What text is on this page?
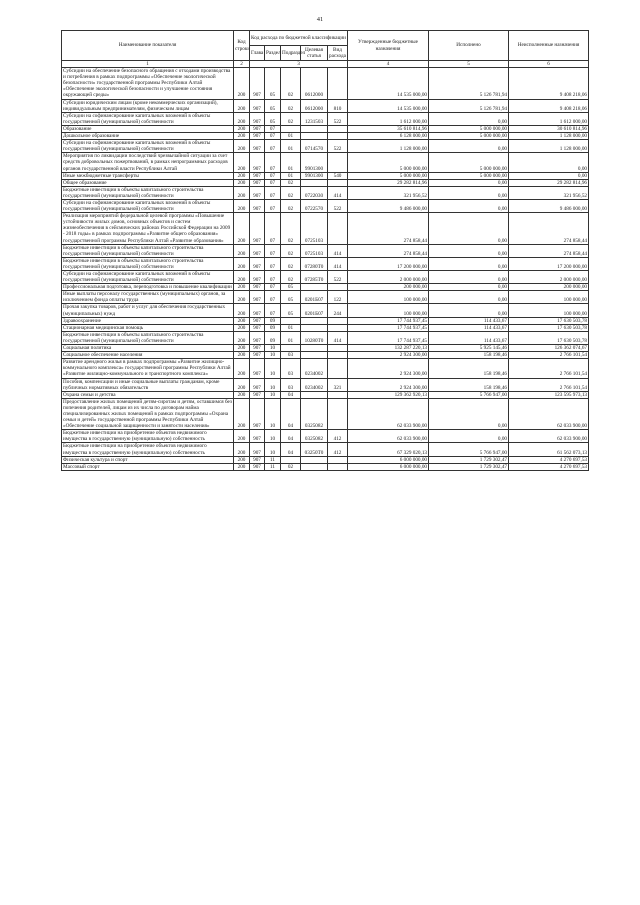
41
Наименование показателя	Код строки	Код расхода по бюджетной классификации					Утвержденные бюджетные назначения	Исполнено	Неисполненные назначения
		Глава	Раздел	Подраздел	Целевая статья	Вид расхода			
1	2	3					4	5	6
Субсидии на обеспечение безопасного обращения с отходами производства и потребления в рамках подпрограммы «Обеспечение экологической безопасности» государственной программы Республики Алтай «Обеспечение экологической безопасности и улучшение состояния окружающей среды»	200	907	05	02	0612000		14 535 000,00	5 126 781,94	9 408 218,06
Субсидии юридическим лицам (кроме некоммерческих организаций), индивидуальным предпринимателям, физическим лицам	200	907	05	02	0612000	810	14 535 000,00	5 126 781,94	9 408 218,06
Субсидии на софинансирование капитальных вложений в объекты государственной (муниципальной) собственности	200	907	05	02	1231503	522	1 612 000,00	0,00	1 612 000,00
Образование	200	907	07				35 610 814,96	5 000 000,00	30 610 814,96
Дошкольное образование	200	907	07	01			6 128 000,00	5 000 000,00	1 128 000,00
Субсидии на софинансирование капитальных вложений в объекты государственной (муниципальной) собственности	200	907	07	01	0714570	522	1 128 000,00	0,00	1 128 000,00
Мероприятия по ликвидации последствий чрезвычайной ситуации за счет средств добровольных пожертвований, в рамках непрограммных расходов органов государственной власти Республики Алтай	200	907	07	01	9901300		5 000 000,00	5 000 000,00	0,00
Иные межбюджетные трансферты	200	907	07	01	9901300	540	5 000 000,00	5 000 000,00	0,00
Общее образование	200	907	07	02			29 282 814,96	0,00	29 282 814,96
Бюджетные инвестиции в объекты капитального строительства государственной (муниципальной) собственности	200	907	07	02	0722030	414	321 956,52	0,00	321 956,52
Субсидии на софинансирование капитальных вложений в объекты государственной (муниципальной) собственности	200	907	07	02	0722570	522	9 486 000,00	0,00	9 486 000,00
Реализация мероприятий федеральной целевой программы «Повышение устойчивости жилых домов, основных объектов и систем жизнеобеспечения в сейсмических районах Российской Федерации на 2009 - 2018 годы» в рамках подпрограммы «Развитие общего образования» государственной программы Республики Алтай «Развитие образования»	200	907	07	02	0725103		274 858,44	0,00	274 858,44
Бюджетные инвестиции в объекты капитального строительства государственной (муниципальной) собственности	200	907	07	02	0725103	414	274 858,44	0,00	274 858,44
Бюджетные инвестиции в объекты капитального строительства государственной (муниципальной) собственности	200	907	07	02	07280Т0	414	17 200 000,00	0,00	17 200 000,00
Субсидии на софинансирование капитальных вложений в объекты государственной (муниципальной) собственности	200	907	07	02	07285Т0	522	2 000 000,00	0,00	2 000 000,00
Профессиональная подготовка, переподготовка и повышение квалификации	200	907	07	05			200 000,00	0,00	200 000,00
Иные выплаты персоналу государственных (муниципальных) органов, за исключением фонда оплаты труда	200	907	07	05	0201Б07	122	100 000,00	0,00	100 000,00
Прочая закупка товаров, работ и услуг для обеспечения государственных (муниципальных) нужд	200	907	07	05	0201Б07	244	100 000,00	0,00	100 000,00
Здравоохранение	200	907	09				17 744 937,45	114 433,67	17 630 503,78
Стационарная медицинская помощь	200	907	09	01			17 744 937,45	114 433,67	17 630 503,78
Бюджетные инвестиции в объекты капитального строительства государственной (муниципальной) собственности	200	907	09	01	10280Т0	414	17 744 937,45	114 433,67	17 630 503,78
Социальная политика	200	907	10				132 287 220,13	5 925 145,46	126 362 074,67
Социальное обеспечение населения	200	907	10	03			2 924 300,00	158 198,46	2 766 101,54
Развитие арендного жилья в рамках подпрограммы «Развитие жилищно-коммунального комплекса» государственной программы Республики Алтай «Развитие жилищно-коммунального и транспортного комплекса»	200	907	10	03	0234002		2 924 300,00	158 198,46	2 766 101,54
Пособия, компенсации и иные социальные выплаты гражданам, кроме публичных нормативных обязательств	200	907	10	03	0234002	321	2 924 300,00	158 198,46	2 766 101,54
Охрана семьи и детства	200	907	10	04			129 362 920,13	5 766 947,00	123 595 973,13
Предоставление жилых помещений детям-сиротам и детям, оставшимся без попечения родителей, лицам из их числа по договорам найма специализированных жилых помещений в рамках подпрограммы «Охрана семьи и детей» государственной программы Республики Алтай «Обеспечение социальной защищенности и занятости населения»	200	907	10	04	0325082		62 033 900,00	0,00	62 033 900,00
Бюджетные инвестиции на приобретение объектов недвижимого имущества в государственную (муниципальную) собственность	200	907	10	04	0325082	412	62 033 900,00	0,00	62 033 900,00
Бюджетные инвестиции на приобретение объектов недвижимого имущества в государственную (муниципальную) собственность	200	907	10	04	03250Т0	412	67 329 020,13	5 766 947,00	61 562 073,13
Физическая культура и спорт	200	907	11				6 000 000,00	1 729 302,47	4 270 697,53
Массовый спорт	200	907	11	02			6 000 000,00	1 729 302,47	4 270 697,53
